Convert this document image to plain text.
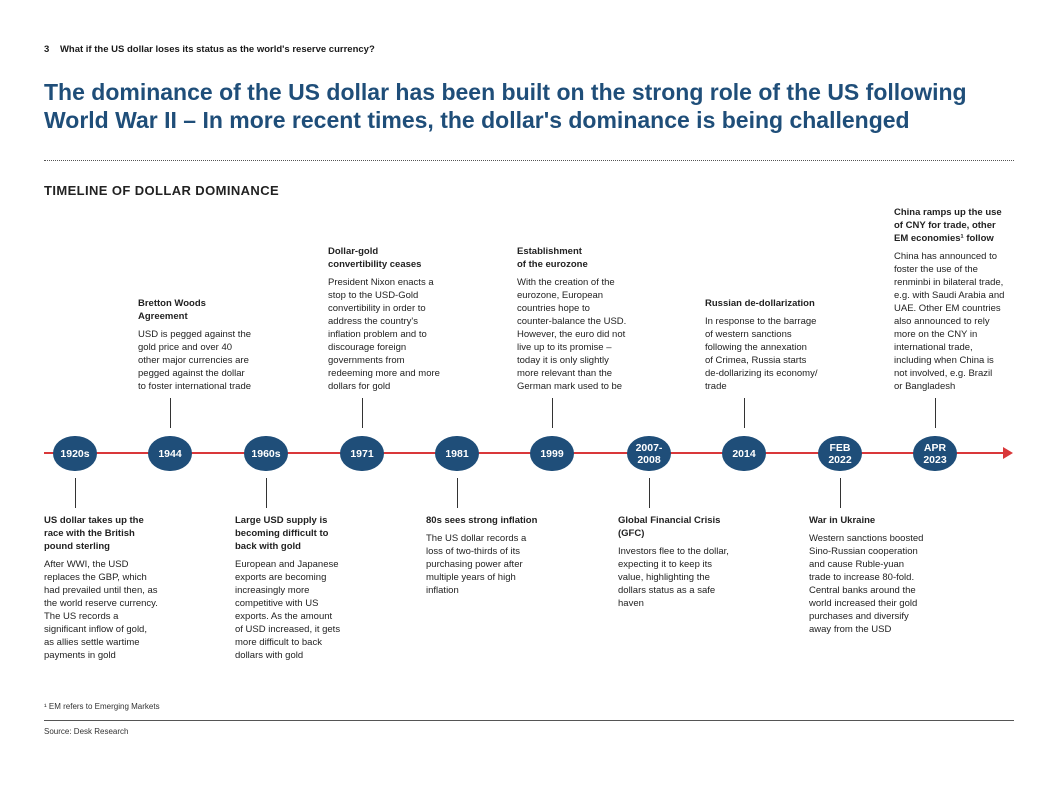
3 What if the US dollar loses its status as the world's reserve currency?
The dominance of the US dollar has been built on the strong role of the US following World War II – In more recent times, the dollar's dominance is being challenged
TIMELINE OF DOLLAR DOMINANCE
1920s	1944	1960s	1971	1981	1999	2007-
2008	2014	FEB
2022
APR
2023
US dollar takes up the
race with the British
pound sterling
After WWI, the USD
replaces the GBP, which
had prevailed until then, as
the world reserve currency.
The US records a
significant inflow of gold,
as allies settle wartime
payments in gold
Large USD supply is
becoming difficult to
back with gold
European and Japanese
exports are becoming
increasingly more
competitive with US
exports. As the amount
of USD increased, it gets
more difficult to back
dollars with gold
80s sees strong inflation
The US dollar records a
loss of two-thirds of its
purchasing power after
multiple years of high
inflation
Global Financial Crisis
(GFC)
Investors flee to the dollar,
expecting it to keep its
value, highlighting the
dollars status as a safe
haven
War in Ukraine
Western sanctions boosted
Sino-Russian cooperation
and cause Ruble-yuan
trade to increase 80-fold.
Central banks around the
world increased their gold
purchases and diversify
away from the USD
Bretton Woods
Agreement
USD is pegged against the
gold price and over 40
other major currencies are
pegged against the dollar
to foster international trade
Dollar-gold
convertibility ceases
President Nixon enacts a
stop to the USD-Gold
convertibility in order to
address the country's
inflation problem and to
discourage foreign
governments from
redeeming more and more
dollars for gold
Establishment
of the eurozone
With the creation of the
eurozone, European
countries hope to
counter-balance the USD.
However, the euro did not
live up to its promise –
today it is only slightly
more relevant than the
German mark used to be
Russian de-dollarization
In response to the barrage
of western sanctions
following the annexation
of Crimea, Russia starts
de-dollarizing its economy/
trade
China ramps up the use
of CNY for trade, other
EM economies¹ follow
China has announced to
foster the use of the
renminbi in bilateral trade,
e.g. with Saudi Arabia and
UAE. Other EM countries
also announced to rely
more on the CNY in
international trade,
including when China is
not involved, e.g. Brazil
or Bangladesh
¹ EM refers to Emerging Markets
Source: Desk Research
